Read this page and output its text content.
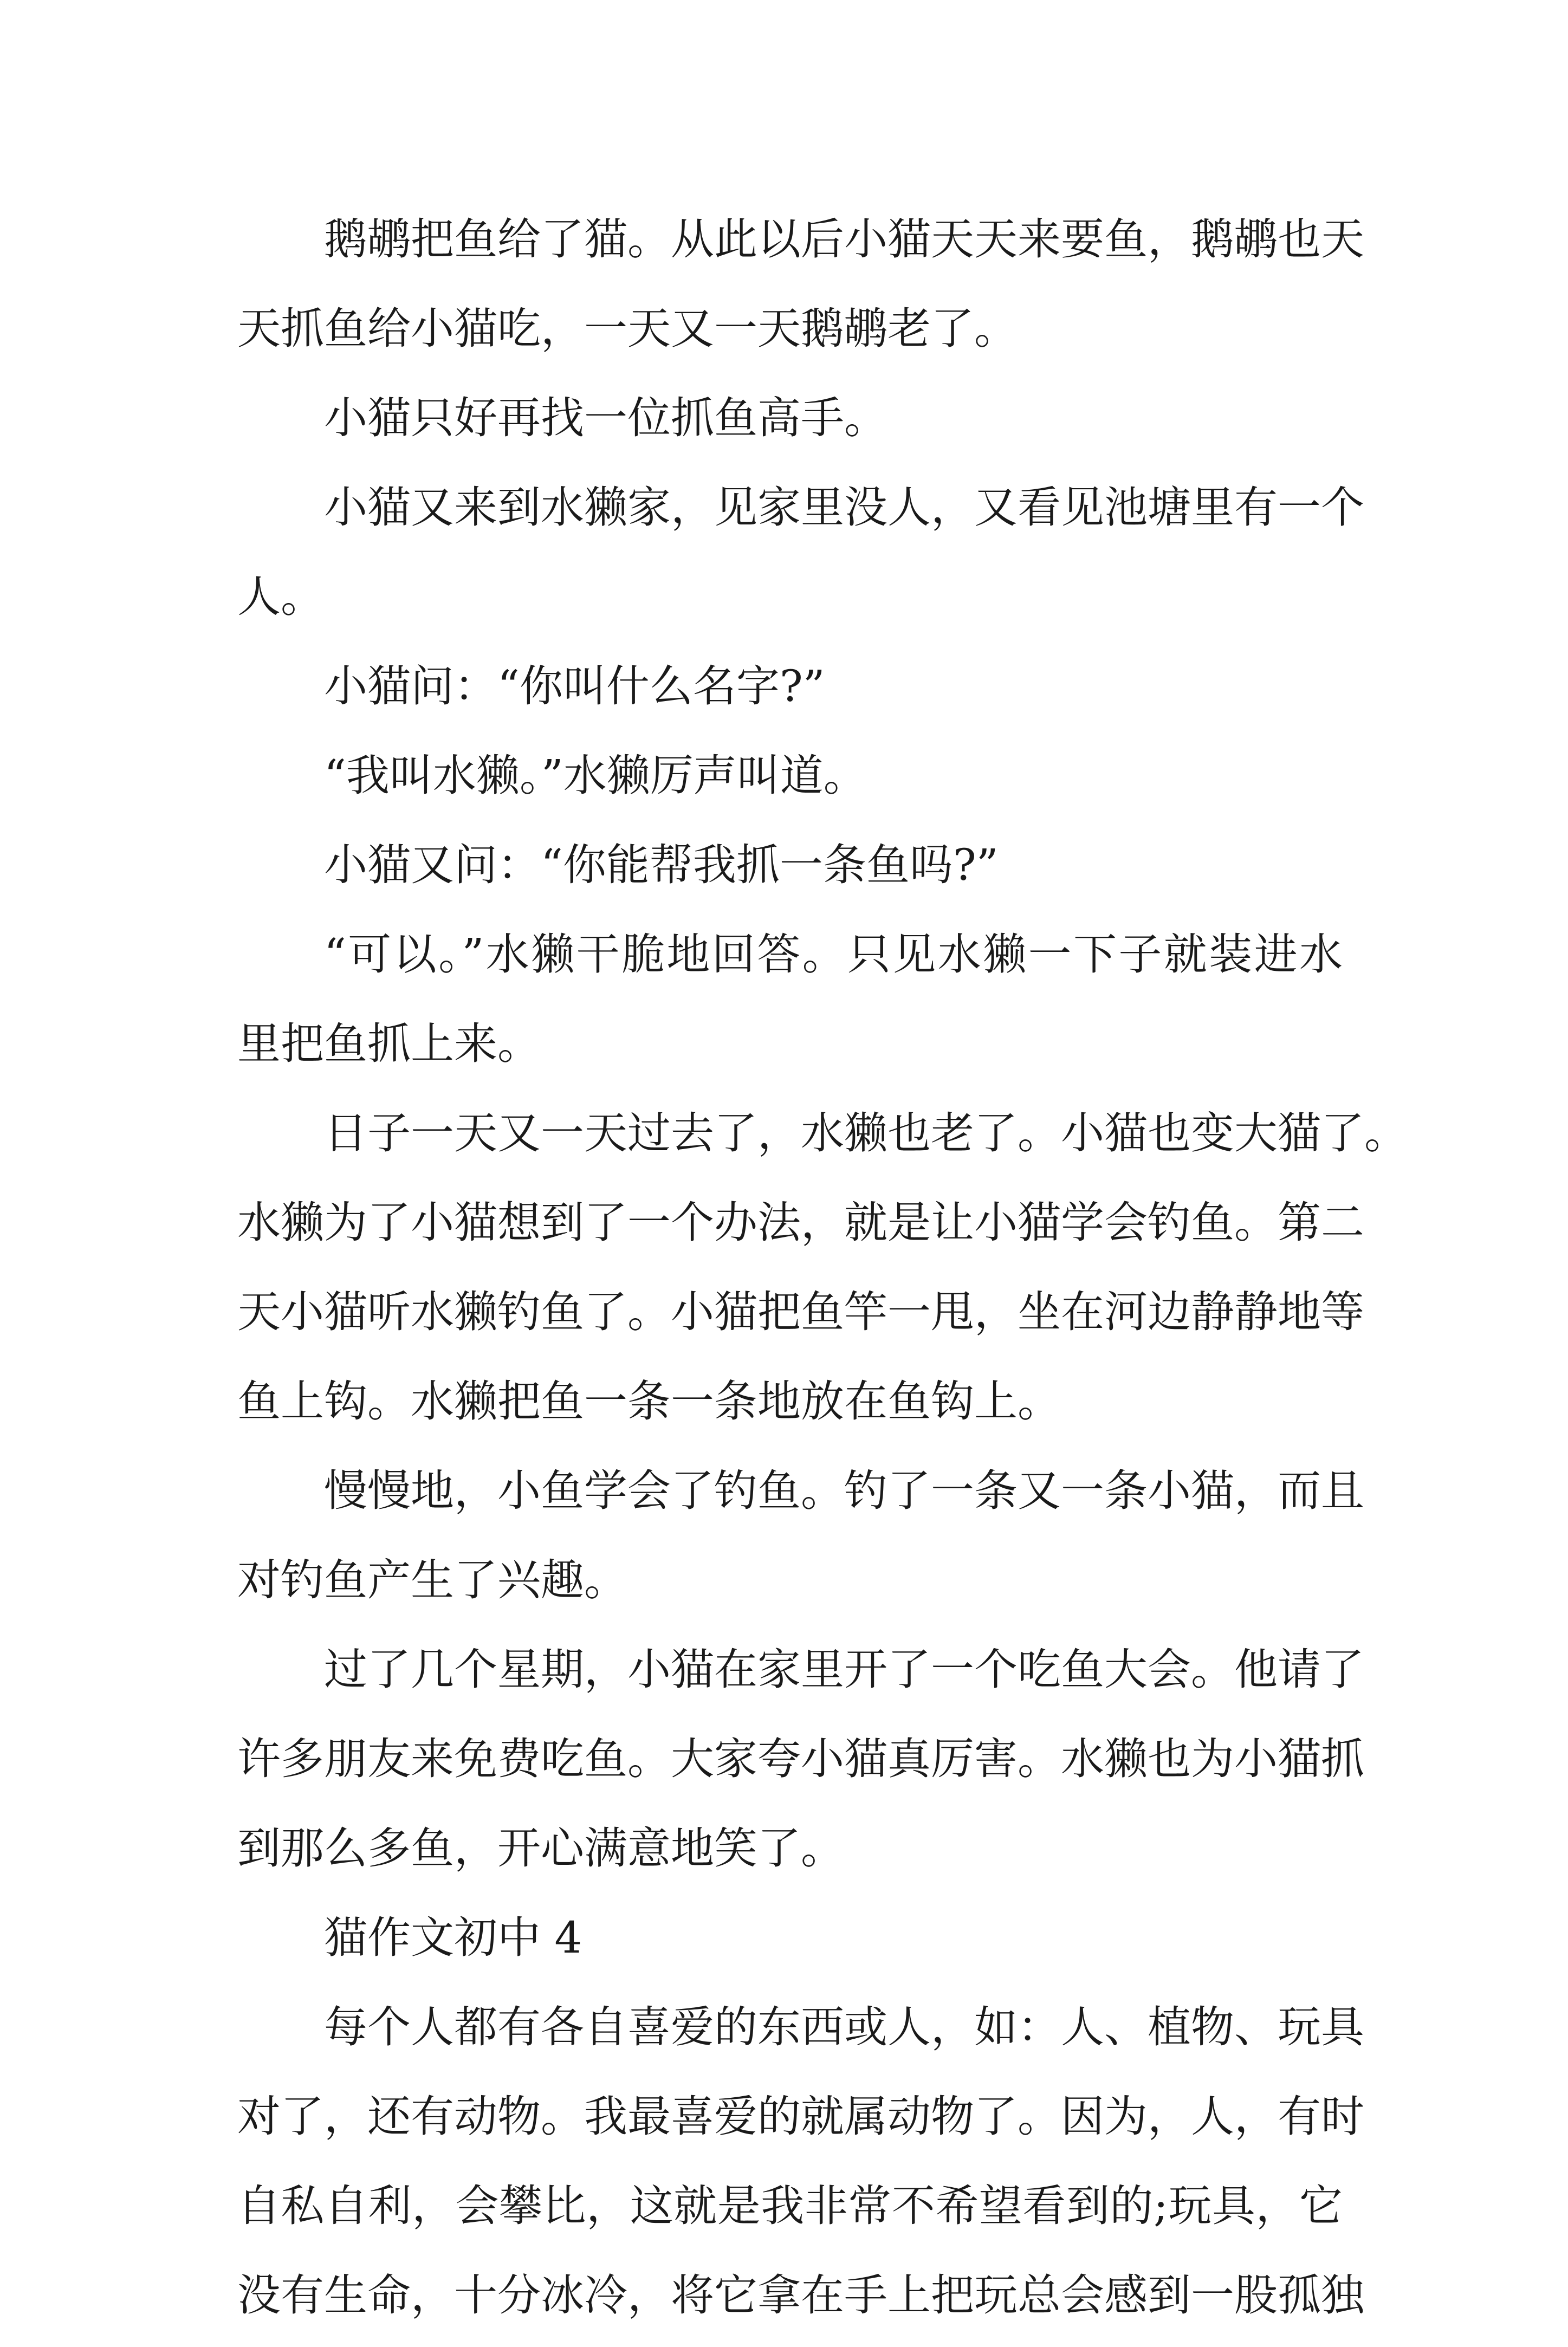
鹅鹕把鱼给了猫。从此以后小猫天天来要鱼，鹅鹕也天
天抓鱼给小猫吃，一天又一天鹅鹕老了。
小猫只好再找一位抓鱼高手。
小猫又来到水獭家，见家里没人，又看见池塘里有一个
人。
小猫问：“你叫什么名字?”
“我叫水獭。”水獭厉声叫道。
小猫又问：“你能帮我抓一条鱼吗?”
“可以。”水獭干脆地回答。只见水獭一下子就装进水
里把鱼抓上来。
日子一天又一天过去了，水獭也老了。小猫也变大猫了。
水獭为了小猫想到了一个办法，就是让小猫学会钓鱼。第二
天小猫听水獭钓鱼了。小猫把鱼竿一甩，坐在河边静静地等
鱼上钩。水獭把鱼一条一条地放在鱼钩上。
慢慢地，小鱼学会了钓鱼。钓了一条又一条小猫，而且
对钓鱼产生了兴趣。
过了几个星期，小猫在家里开了一个吃鱼大会。他请了
许多朋友来免费吃鱼。大家夸小猫真厉害。水獭也为小猫抓
到那么多鱼，开心满意地笑了。
猫作文初中 4
每个人都有各自喜爱的东西或人，如：人、植物、玩具
对了，还有动物。我最喜爱的就属动物了。因为，人，有时
自私自利，会攀比，这就是我非常不希望看到的;玩具，它
没有生命，十分冰冷，将它拿在手上把玩总会感到一股孤独
